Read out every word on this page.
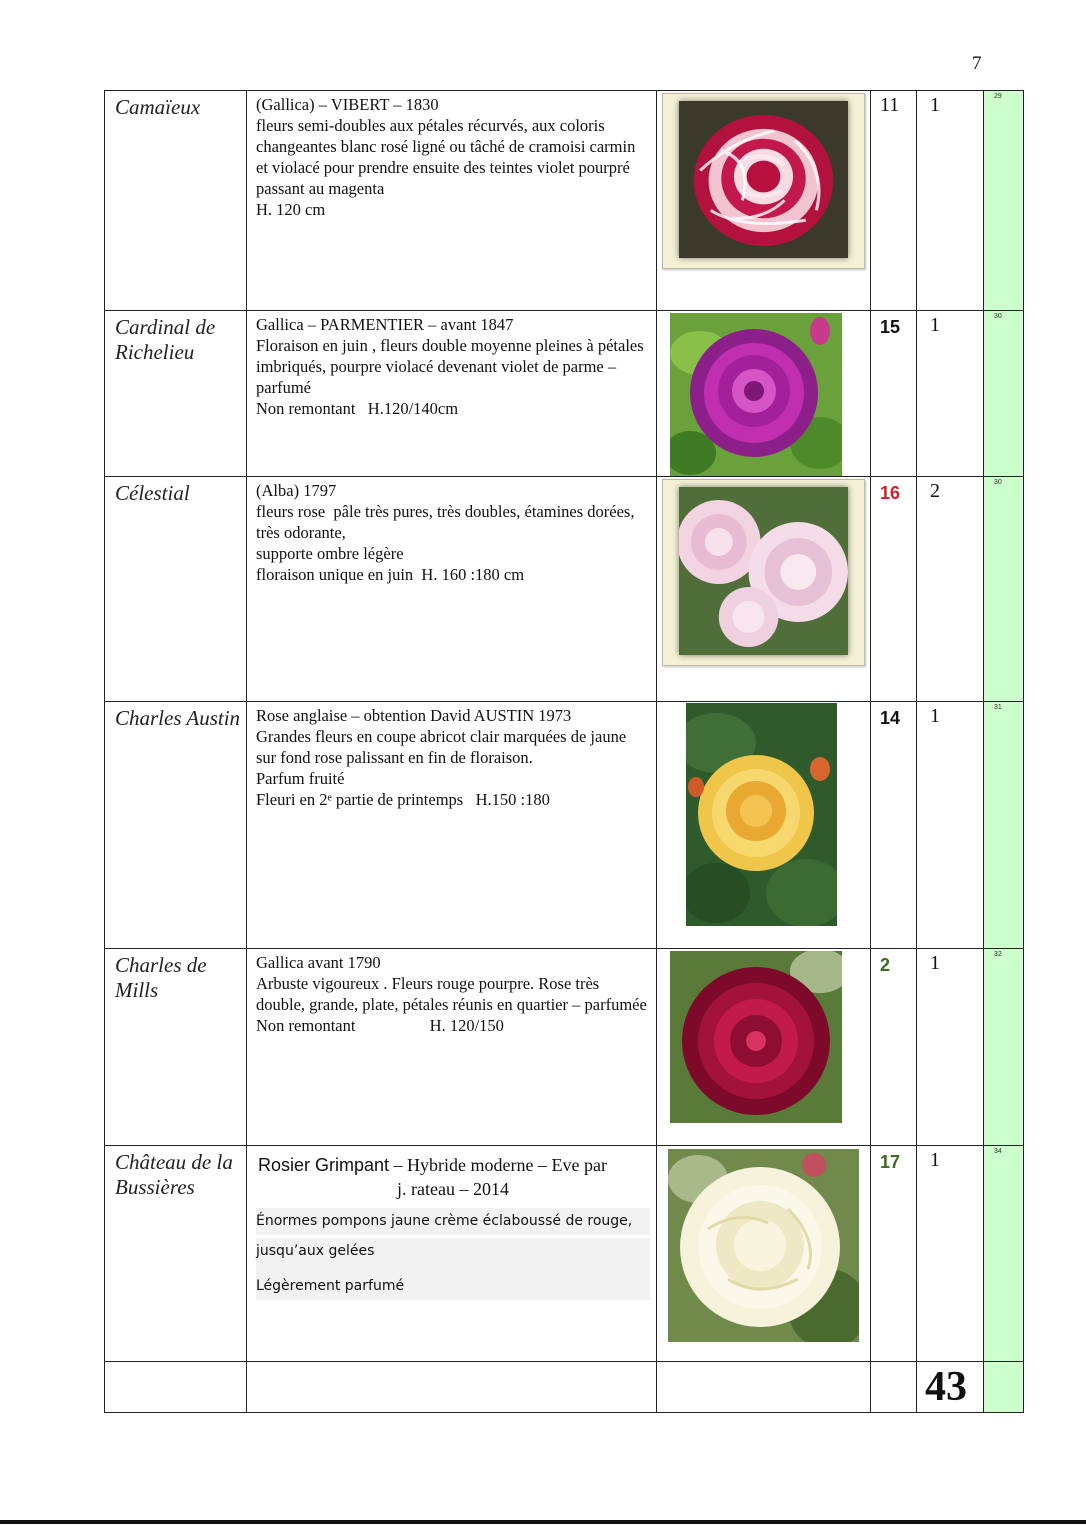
7
Camaïeux	(Gallica) – VIBERT – 1830
fleurs semi-doubles aux pétales récurvés, aux coloris changeantes blanc rosé ligné ou tâché de cramoisi carmin et violacé pour prendre ensuite des teintes violet pourpré passant au magenta
H. 120 cm		11	1	29
Cardinal de Richelieu	Gallica – PARMENTIER – avant 1847
Floraison en juin , fleurs double moyenne pleines à pétales imbriqués, pourpre violacé devenant violet de parme – parfumé
Non remontant   H.120/140cm		15	1	30
Célestial	(Alba) 1797
fleurs rose  pâle très pures, très doubles, étamines dorées, très odorante,
supporte ombre légère
floraison unique en juin  H. 160 :180 cm		16	2	30
Charles Austin	Rose anglaise – obtention David AUSTIN 1973
Grandes fleurs en coupe abricot clair marquées de jaune sur fond rose palissant en fin de floraison.
Parfum fruité
Fleuri en 2ᵉ partie de printemps   H.150 :180		14	1	31
Charles de Mills	Gallica avant 1790
Arbuste vigoureux . Fleurs rouge pourpre. Rose très double, grande, plate, pétales réunis en quartier – parfumée
Non remontant                  H. 120/150		2	1	32
Château de la Bussières	Rosier Grimpant – Hybride moderne – Eve par
j. rateau – 2014
Énormes pompons jaune crème éclaboussé de rouge,
jusqu’aux gelées
Légèrement parfumé		17	1	34
				43	
